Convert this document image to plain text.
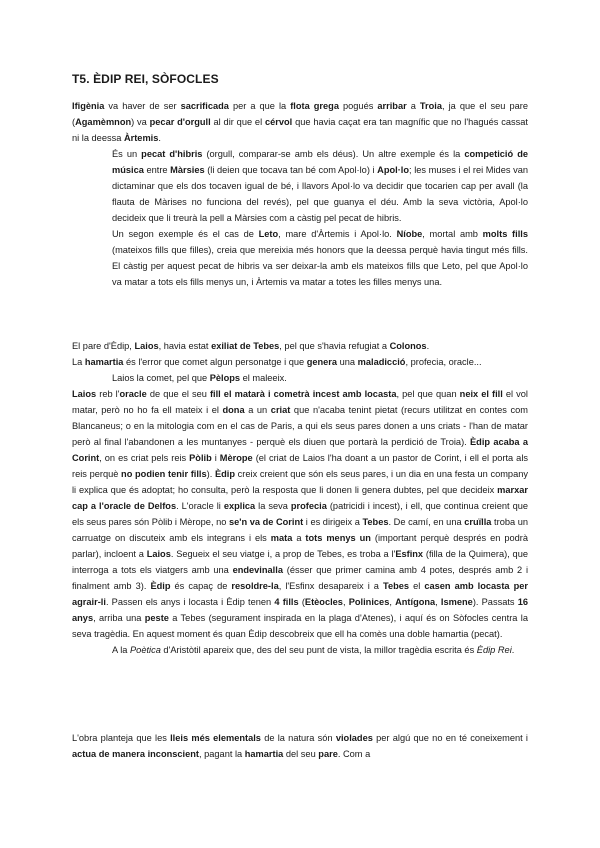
T5. ÈDIP REI, SÒFOCLES

Ifigènia va haver de ser sacrificada per a que la flota grega pogués arribar a Troia, ja que el seu pare (Agamèmnon) va pecar d'orgull al dir que el cérvol que havia caçat era tan magnífic que no l'hagués cassat ni la deessa Àrtemis.

És un pecat d'hibris (orgull, comparar-se amb els déus). Un altre exemple és la competició de música entre Màrsies (li deien que tocava tan bé com Apol·lo) i Apol·lo; les muses i el rei Mides van dictaminar que els dos tocaven igual de bé, i llavors Apol·lo va decidir que tocarien cap per avall (la flauta de Màrises no funciona del revés), pel que guanya el déu. Amb la seva victòria, Apol·lo decideix que li treurà la pell a Màrsies com a càstig pel pecat de hibris.

Un segon exemple és el cas de Leto, mare d'Àrtemis i Apol·lo. Níobe, mortal amb molts fills (mateixos fills que filles), creia que mereixia més honors que la deessa perquè havia tingut més fills. El càstig per aquest pecat de hibris va ser deixar-la amb els mateixos fills que Leto, pel que Apol·lo va matar a tots els fills menys un, i Àrtemis va matar a totes les filles menys una.

El pare d'Èdip, Laios, havia estat exiliat de Tebes, pel que s'havia refugiat a Colonos.

La hamartia és l'error que comet algun personatge i que genera una maladicció, profecia, oracle...

Laios la comet, pel que Pèlops el maleeix.

Laios reb l'oracle de que el seu fill el matarà i cometrà incest amb locasta, pel que quan neix el fill el vol matar, però no ho fa ell mateix i el dona a un criat que n'acaba tenint pietat (recurs utilitzat en contes com Blancaneus; o en la mitologia com en el cas de Paris, a qui els seus pares donen a uns criats - l'han de matar però al final l'abandonen a les muntanyes - perquè els diuen que portarà la perdició de Troia). Èdip acaba a Corint, on es criat pels reis Pòlib i Mèrope (el criat de Laios l'ha doant a un pastor de Corint, i ell el porta als reis perquè no podien tenir fills). Èdip creix creient que són els seus pares, i un dia en una festa un company li explica que és adoptat; ho consulta, però la resposta que li donen li genera dubtes, pel que decideix marxar cap a l'oracle de Delfos. L'oracle li explica la seva profecia (patricidi i incest), i ell, que continua creient que els seus pares són Pòlib i Mèrope, no se'n va de Corint i es dirigeix a Tebes. De camí, en una cruïlla troba un carruatge on discuteix amb els integrans i els mata a tots menys un (important perquè després en podrà parlar), incloent a Laios. Segueix el seu viatge i, a prop de Tebes, es troba a l'Esfinx (filla de la Quimera), que interroga a tots els viatgers amb una endevinalla (ésser que primer camina amb 4 potes, després amb 2 i finalment amb 3). Èdip és capaç de resoldre-la, l'Esfinx desapareix i a Tebes el casen amb locasta per agrair-li. Passen els anys i locasta i Èdip tenen 4 fills (Etèocles, Polinices, Antígona, Ismene). Passats 16 anys, arriba una peste a Tebes (segurament inspirada en la plaga d'Atenes), i aquí és on Sòfocles centra la seva tragèdia. En aquest moment és quan Èdip descobreix que ell ha comès una doble hamartia (pecat).

A la Poètica d'Aristòtil apareix que, des del seu punt de vista, la millor tragèdia escrita és Èdip Rei.

L'obra planteja que les lleis més elementals de la natura són violades per algú que no en té coneixement i actua de manera inconscient, pagant la hamartia del seu pare. Com a
